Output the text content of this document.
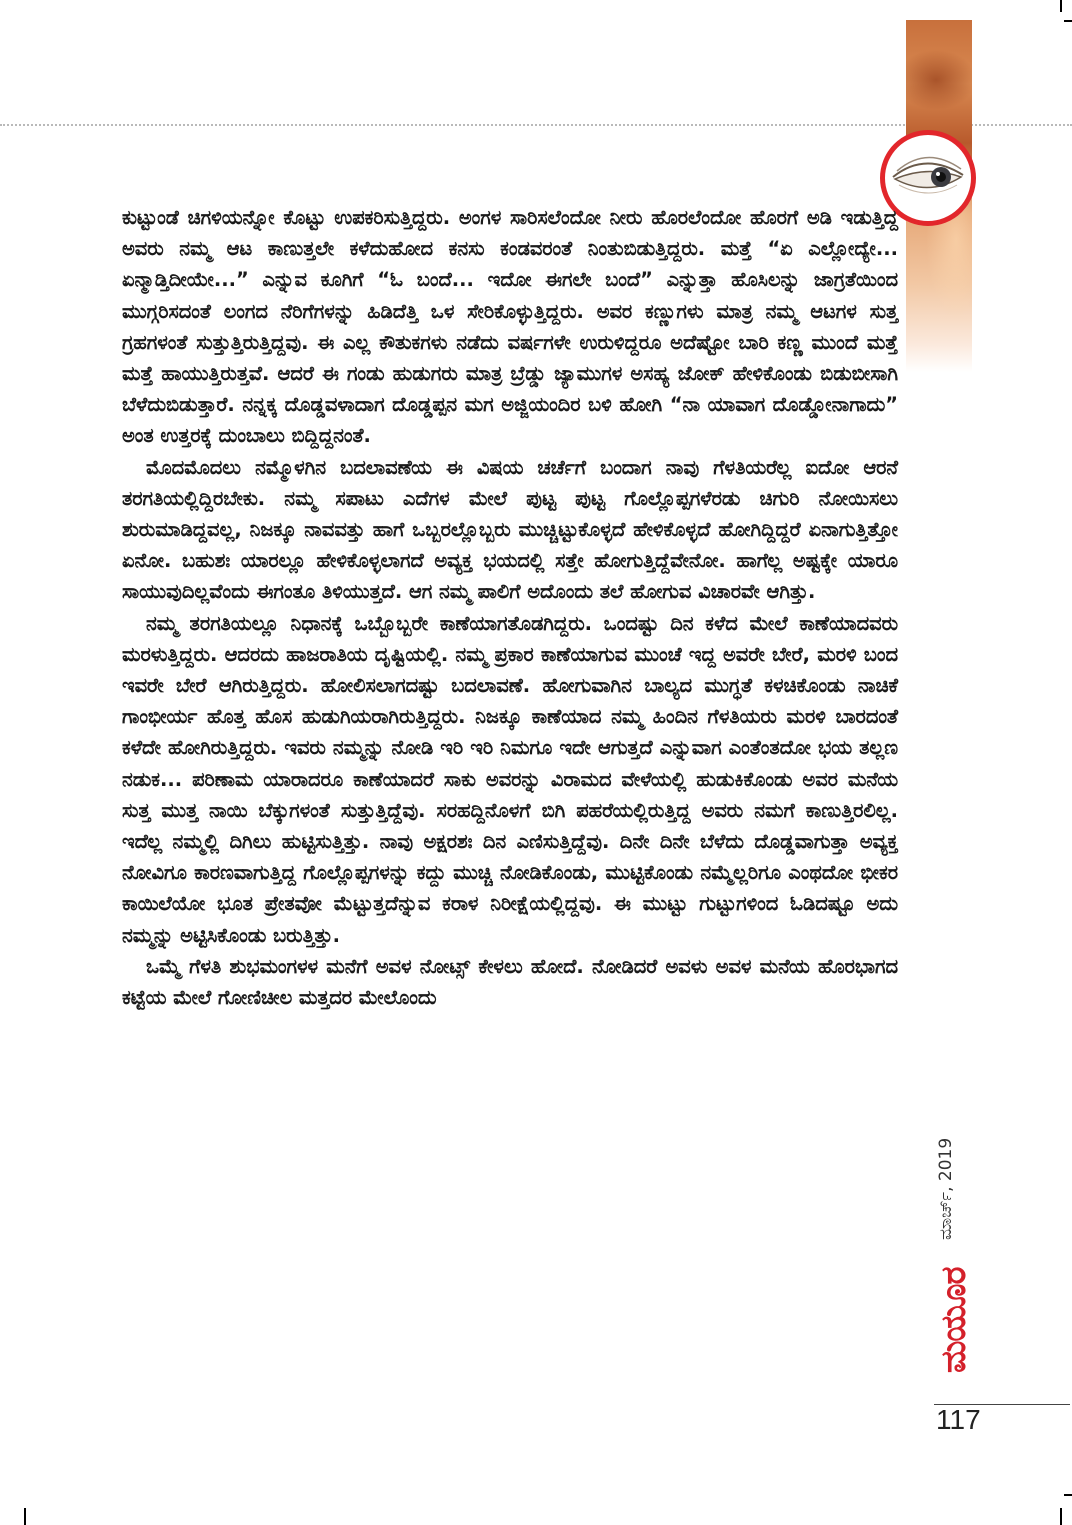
ಕುಟ್ಟುಂಡೆ ಚಿಗಳಿಯನ್ನೋ ಕೊಟ್ಟು ಉಪಕರಿಸುತ್ತಿದ್ದರು. ಅಂಗಳ ಸಾರಿಸಲೆಂದೋ ನೀರು ಹೊರಲೆಂದೋ ಹೊರಗೆ ಅಡಿ ಇಡುತ್ತಿದ್ದ ಅವರು ನಮ್ಮ ಆಟ ಕಾಣುತ್ತಲೇ ಕಳೆದುಹೋದ ಕನಸು ಕಂಡವರಂತೆ ನಿಂತುಬಿಡುತ್ತಿದ್ದರು. ಮತ್ತೆ “ಏ ಎಲ್ಲೋದ್ಯೇ... ಏನ್ಮಾಡ್ತಿದೀಯೇ...” ಎನ್ನುವ ಕೂಗಿಗೆ “ಓ ಬಂದೆ... ಇದೋ ಈಗಲೇ ಬಂದೆ” ಎನ್ನುತ್ತಾ ಹೊಸಿಲನ್ನು ಜಾಗ್ರತೆಯಿಂದ ಮುಗ್ಗರಿಸದಂತೆ ಲಂಗದ ನೆರಿಗೆಗಳನ್ನು ಹಿಡಿದೆತ್ತಿ ಒಳ ಸೇರಿಕೊಳ್ಳುತ್ತಿದ್ದರು. ಅವರ ಕಣ್ಣುಗಳು ಮಾತ್ರ ನಮ್ಮ ಆಟಗಳ ಸುತ್ತ ಗ್ರಹಗಳಂತೆ ಸುತ್ತುತ್ತಿರುತ್ತಿದ್ದವು. ಈ ಎಲ್ಲ ಕೌತುಕಗಳು ನಡೆದು ವರ್ಷಗಳೇ ಉರುಳಿದ್ದರೂ ಅದೆಷ್ಟೋ ಬಾರಿ ಕಣ್ಣ ಮುಂದೆ ಮತ್ತೆ ಮತ್ತೆ ಹಾಯುತ್ತಿರುತ್ತವೆ. ಆದರೆ ಈ ಗಂಡು ಹುಡುಗರು ಮಾತ್ರ ಬ್ರೆಡ್ಡು ಜ್ಯಾಮುಗಳ ಅಸಹ್ಯ ಜೋಕ್ ಹೇಳಿಕೊಂಡು ಬಿಡುಬೀಸಾಗಿ ಬೆಳೆದುಬಿಡುತ್ತಾರೆ. ನನ್ನಕ್ಕ ದೊಡ್ಡವಳಾದಾಗ ದೊಡ್ಡಪ್ಪನ ಮಗ ಅಜ್ಜಿಯಂದಿರ ಬಳಿ ಹೋಗಿ “ನಾ ಯಾವಾಗ ದೊಡ್ಡೋನಾಗಾದು” ಅಂತ ಉತ್ತರಕ್ಕೆ ದುಂಬಾಲು ಬಿದ್ದಿದ್ದನಂತೆ.

ಮೊದಮೊದಲು ನಮ್ಮೊಳಗಿನ ಬದಲಾವಣೆಯ ಈ ವಿಷಯ ಚರ್ಚೆಗೆ ಬಂದಾಗ ನಾವು ಗೆಳತಿಯರೆಲ್ಲ ಐದೋ ಆರನೆ ತರಗತಿಯಲ್ಲಿದ್ದಿರಬೇಕು. ನಮ್ಮ ಸಪಾಟು ಎದೆಗಳ ಮೇಲೆ ಪುಟ್ಟ ಪುಟ್ಟ ಗೊಲ್ಲೊಪ್ಪಗಳೆರಡು ಚಿಗುರಿ ನೋಯಿಸಲು ಶುರುಮಾಡಿದ್ದವಲ್ಲ, ನಿಜಕ್ಕೂ ನಾವವತ್ತು ಹಾಗೆ ಒಬ್ಬರಲ್ಲೊಬ್ಬರು ಮುಚ್ಚಿಟ್ಟುಕೊಳ್ಳದೆ ಹೇಳಿಕೊಳ್ಳದೆ ಹೋಗಿದ್ದಿದ್ದರೆ ಏನಾಗುತ್ತಿತ್ತೋ ಏನೋ. ಬಹುಶಃ ಯಾರಲ್ಲೂ ಹೇಳಿಕೊಳ್ಳಲಾಗದೆ ಅವ್ಯಕ್ತ ಭಯದಲ್ಲಿ ಸತ್ತೇ ಹೋಗುತ್ತಿದ್ದೆವೇನೋ. ಹಾಗೆಲ್ಲ ಅಷ್ಟಕ್ಕೇ ಯಾರೂ ಸಾಯುವುದಿಲ್ಲವೆಂದು ಈಗಂತೂ ತಿಳಿಯುತ್ತದೆ. ಆಗ ನಮ್ಮ ಪಾಲಿಗೆ ಅದೊಂದು ತಲೆ ಹೋಗುವ ವಿಚಾರವೇ ಆಗಿತ್ತು.

ನಮ್ಮ ತರಗತಿಯಲ್ಲೂ ನಿಧಾನಕ್ಕೆ ಒಬ್ಬೊಬ್ಬರೇ ಕಾಣೆಯಾಗತೊಡಗಿದ್ದರು. ಒಂದಷ್ಟು ದಿನ ಕಳೆದ ಮೇಲೆ ಕಾಣೆಯಾದವರು ಮರಳುತ್ತಿದ್ದರು. ಆದರದು ಹಾಜರಾತಿಯ ದೃಷ್ಟಿಯಲ್ಲಿ. ನಮ್ಮ ಪ್ರಕಾರ ಕಾಣೆಯಾಗುವ ಮುಂಚೆ ಇದ್ದ ಅವರೇ ಬೇರೆ, ಮರಳಿ ಬಂದ ಇವರೇ ಬೇರೆ ಆಗಿರುತ್ತಿದ್ದರು. ಹೋಲಿಸಲಾಗದಷ್ಟು ಬದಲಾವಣೆ. ಹೋಗುವಾಗಿನ ಬಾಲ್ಯದ ಮುಗ್ಧತೆ ಕಳಚಿಕೊಂಡು ನಾಚಿಕೆ ಗಾಂಭೀರ್ಯ ಹೊತ್ತ ಹೊಸ ಹುಡುಗಿಯರಾಗಿರುತ್ತಿದ್ದರು. ನಿಜಕ್ಕೂ ಕಾಣೆಯಾದ ನಮ್ಮ ಹಿಂದಿನ ಗೆಳತಿಯರು ಮರಳಿ ಬಾರದಂತೆ ಕಳೆದೇ ಹೋಗಿರುತ್ತಿದ್ದರು. ಇವರು ನಮ್ಮನ್ನು ನೋಡಿ ಇರಿ ಇರಿ ನಿಮಗೂ ಇದೇ ಆಗುತ್ತದೆ ಎನ್ನುವಾಗ ಎಂತೆಂತದೋ ಭಯ ತಲ್ಲಣ ನಡುಕ... ಪರಿಣಾಮ ಯಾರಾದರೂ ಕಾಣೆಯಾದರೆ ಸಾಕು ಅವರನ್ನು ವಿರಾಮದ ವೇಳೆಯಲ್ಲಿ ಹುಡುಕಿಕೊಂಡು ಅವರ ಮನೆಯ ಸುತ್ತ ಮುತ್ತ ನಾಯಿ ಬೆಕ್ಕುಗಳಂತೆ ಸುತ್ತುತ್ತಿದ್ದೆವು. ಸರಹದ್ದಿನೊಳಗೆ ಬಿಗಿ ಪಹರೆಯಲ್ಲಿರುತ್ತಿದ್ದ ಅವರು ನಮಗೆ ಕಾಣುತ್ತಿರಲಿಲ್ಲ. ಇದೆಲ್ಲ ನಮ್ಮಲ್ಲಿ ದಿಗಿಲು ಹುಟ್ಟಿಸುತ್ತಿತ್ತು. ನಾವು ಅಕ್ಷರಶಃ ದಿನ ಎಣಿಸುತ್ತಿದ್ದೆವು. ದಿನೇ ದಿನೇ ಬೆಳೆದು ದೊಡ್ಡವಾಗುತ್ತಾ ಅವ್ಯಕ್ತ ನೋವಿಗೂ ಕಾರಣವಾಗುತ್ತಿದ್ದ ಗೊಲ್ಲೊಪ್ಪಗಳನ್ನು ಕದ್ದು ಮುಚ್ಚಿ ನೋಡಿಕೊಂಡು, ಮುಟ್ಟಿಕೊಂಡು ನಮ್ಮೆಲ್ಲರಿಗೂ ಎಂಥದೋ ಭೀಕರ ಕಾಯಿಲೆಯೋ ಭೂತ ಪ್ರೇತವೋ ಮೆಟ್ಟುತ್ತದೆನ್ನುವ ಕರಾಳ ನಿರೀಕ್ಷೆಯಲ್ಲಿದ್ದವು. ಈ ಮುಟ್ಟು ಗುಟ್ಟುಗಳಿಂದ ಓಡಿದಷ್ಟೂ ಅದು ನಮ್ಮನ್ನು ಅಟ್ಟಿಸಿಕೊಂಡು ಬರುತ್ತಿತ್ತು.

ಒಮ್ಮೆ ಗೆಳತಿ ಶುಭಮಂಗಳಳ ಮನೆಗೆ ಅವಳ ನೋಟ್ಸ್ ಕೇಳಲು ಹೋದೆ. ನೋಡಿದರೆ ಅವಳು ಅವಳ ಮನೆಯ ಹೊರಭಾಗದ ಕಟ್ಟೆಯ ಮೇಲೆ ಗೋಣಿಚೀಲ ಮತ್ತದರ ಮೇಲೊಂದು

ಮಾರ್ಚ್, 2019
ಮಯೂರ
117
